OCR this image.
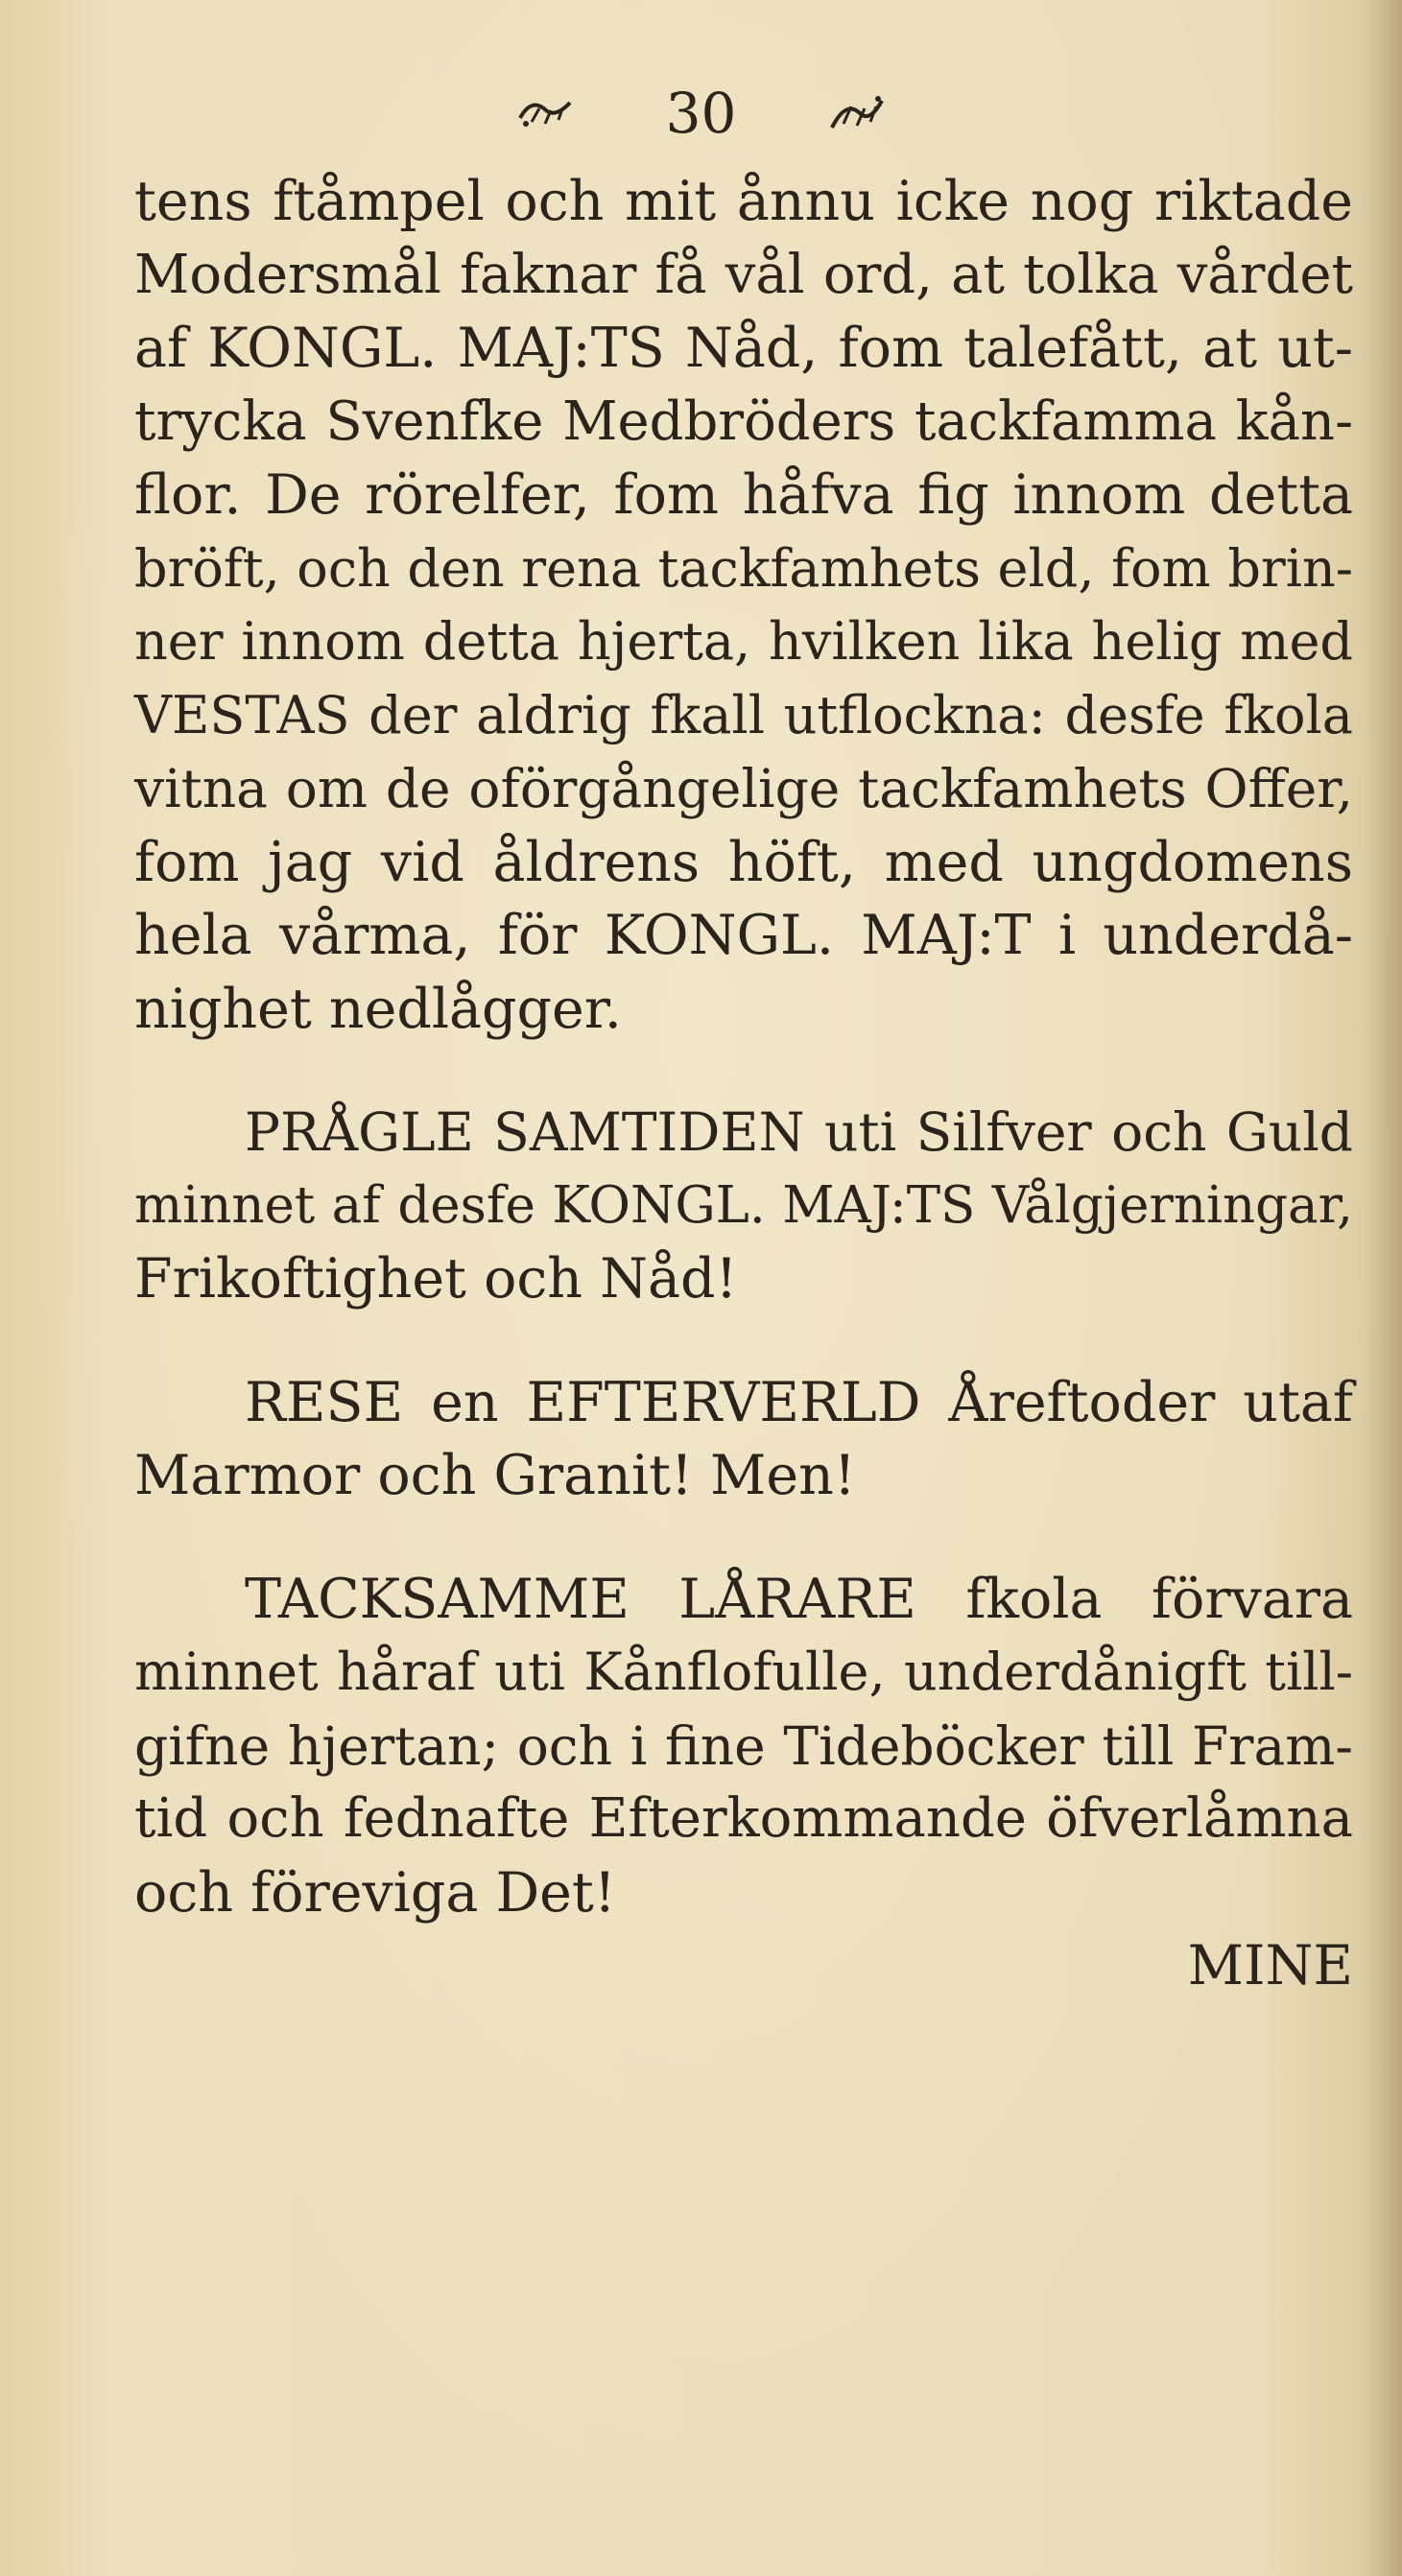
30
tens ftåmpel och mit ånnu icke nog riktade
Modersmål faknar få vål ord, at tolka vårdet
af KONGL. MAJ:TS Nåd, fom talefått, at ut-
trycka Svenfke Medbröders tackfamma kån-
flor. De rörelfer, fom håfva fig innom detta
bröft, och den rena tackfamhets eld, fom brin-
ner innom detta hjerta, hvilken lika helig med
VESTAS der aldrig fkall utflockna: desfe fkola
vitna om de oförgångelige tackfamhets Offer,
fom jag vid åldrens höft, med ungdomens
hela vårma, för KONGL. MAJ:T i underdå-
nighet nedlågger.
PRÅGLE SAMTIDEN uti Silfver och Guld
minnet af desfe KONGL. MAJ:TS Vålgjerningar,
Frikoftighet och Nåd!
RESE en EFTERVERLD Åreftoder utaf
Marmor och Granit! Men!
TACKSAMME LÅRARE fkola förvara
minnet håraf uti Kånflofulle, underdånigft till-
gifne hjertan; och i fine Tideböcker till Fram-
tid och fednafte Efterkommande öfverlåmna
och föreviga Det!
MINE
